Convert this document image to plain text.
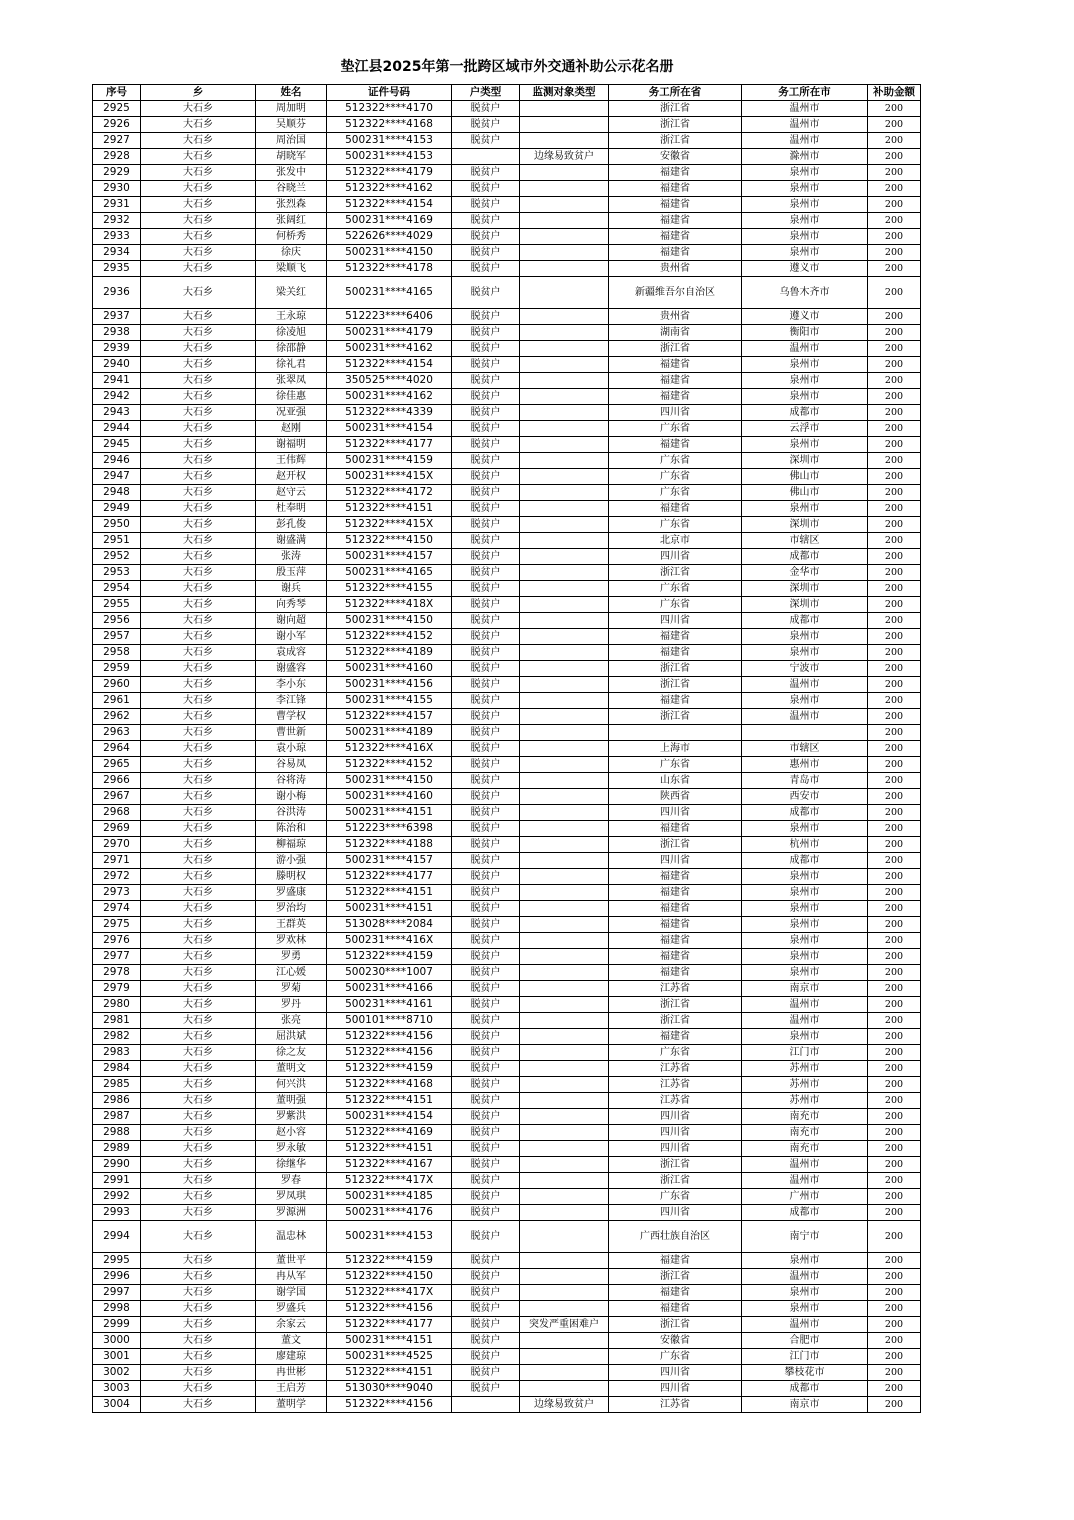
垫江县2025年第一批跨区域市外交通补助公示花名册
序号	乡	姓名	证件号码	户类型	监测对象类型	务工所在省	务工所在市	补助金额
2925	大石乡	周加明	512322****4170	脱贫户		浙江省	温州市	200
2926	大石乡	吴顺芬	512322****4168	脱贫户		浙江省	温州市	200
2927	大石乡	周治国	500231****4153	脱贫户		浙江省	温州市	200
2928	大石乡	胡晓军	500231****4153		边缘易致贫户	安徽省	滁州市	200
2929	大石乡	张发中	512322****4179	脱贫户		福建省	泉州市	200
2930	大石乡	谷晓兰	512322****4162	脱贫户		福建省	泉州市	200
2931	大石乡	张烈森	512322****4154	脱贫户		福建省	泉州市	200
2932	大石乡	张阔红	500231****4169	脱贫户		福建省	泉州市	200
2933	大石乡	何桥秀	522626****4029	脱贫户		福建省	泉州市	200
2934	大石乡	徐庆	500231****4150	脱贫户		福建省	泉州市	200
2935	大石乡	梁顺飞	512322****4178	脱贫户		贵州省	遵义市	200
2936	大石乡	梁关红	500231****4165	脱贫户		新疆维吾尔自治区	乌鲁木齐市	200
2937	大石乡	王永琼	512223****6406	脱贫户		贵州省	遵义市	200
2938	大石乡	徐凌旭	500231****4179	脱贫户		湖南省	衡阳市	200
2939	大石乡	徐邵静	500231****4162	脱贫户		浙江省	温州市	200
2940	大石乡	徐礼君	512322****4154	脱贫户		福建省	泉州市	200
2941	大石乡	张翠凤	350525****4020	脱贫户		福建省	泉州市	200
2942	大石乡	徐佳惠	500231****4162	脱贫户		福建省	泉州市	200
2943	大石乡	况亚强	512322****4339	脱贫户		四川省	成都市	200
2944	大石乡	赵刚	500231****4154	脱贫户		广东省	云浮市	200
2945	大石乡	谢福明	512322****4177	脱贫户		福建省	泉州市	200
2946	大石乡	王伟辉	500231****4159	脱贫户		广东省	深圳市	200
2947	大石乡	赵开权	500231****415X	脱贫户		广东省	佛山市	200
2948	大石乡	赵守云	512322****4172	脱贫户		广东省	佛山市	200
2949	大石乡	杜奉明	512322****4151	脱贫户		福建省	泉州市	200
2950	大石乡	彭孔俊	512322****415X	脱贫户		广东省	深圳市	200
2951	大石乡	谢盛满	512322****4150	脱贫户		北京市	市辖区	200
2952	大石乡	张涛	500231****4157	脱贫户		四川省	成都市	200
2953	大石乡	殷玉萍	500231****4165	脱贫户		浙江省	金华市	200
2954	大石乡	谢兵	512322****4155	脱贫户		广东省	深圳市	200
2955	大石乡	向秀琴	512322****418X	脱贫户		广东省	深圳市	200
2956	大石乡	谢向超	500231****4150	脱贫户		四川省	成都市	200
2957	大石乡	谢小军	512322****4152	脱贫户		福建省	泉州市	200
2958	大石乡	袁成容	512322****4189	脱贫户		福建省	泉州市	200
2959	大石乡	谢盛容	500231****4160	脱贫户		浙江省	宁波市	200
2960	大石乡	李小东	500231****4156	脱贫户		浙江省	温州市	200
2961	大石乡	李江锋	500231****4155	脱贫户		福建省	泉州市	200
2962	大石乡	曹学权	512322****4157	脱贫户		浙江省	温州市	200
2963	大石乡	曹世新	500231****4189	脱贫户				200
2964	大石乡	袁小琼	512322****416X	脱贫户		上海市	市辖区	200
2965	大石乡	谷易凤	512322****4152	脱贫户		广东省	惠州市	200
2966	大石乡	谷将涛	500231****4150	脱贫户		山东省	青岛市	200
2967	大石乡	谢小梅	500231****4160	脱贫户		陕西省	西安市	200
2968	大石乡	谷洪涛	500231****4151	脱贫户		四川省	成都市	200
2969	大石乡	陈治和	512223****6398	脱贫户		福建省	泉州市	200
2970	大石乡	柳福琼	512322****4188	脱贫户		浙江省	杭州市	200
2971	大石乡	游小强	500231****4157	脱贫户		四川省	成都市	200
2972	大石乡	滕明权	512322****4177	脱贫户		福建省	泉州市	200
2973	大石乡	罗盛康	512322****4151	脱贫户		福建省	泉州市	200
2974	大石乡	罗治均	500231****4151	脱贫户		福建省	泉州市	200
2975	大石乡	王群英	513028****2084	脱贫户		福建省	泉州市	200
2976	大石乡	罗欢林	500231****416X	脱贫户		福建省	泉州市	200
2977	大石乡	罗勇	512322****4159	脱贫户		福建省	泉州市	200
2978	大石乡	江心媛	500230****1007	脱贫户		福建省	泉州市	200
2979	大石乡	罗菊	500231****4166	脱贫户		江苏省	南京市	200
2980	大石乡	罗丹	500231****4161	脱贫户		浙江省	温州市	200
2981	大石乡	张亮	500101****8710	脱贫户		浙江省	温州市	200
2982	大石乡	屈洪斌	512322****4156	脱贫户		福建省	泉州市	200
2983	大石乡	徐之友	512322****4156	脱贫户		广东省	江门市	200
2984	大石乡	董明文	512322****4159	脱贫户		江苏省	苏州市	200
2985	大石乡	何兴洪	512322****4168	脱贫户		江苏省	苏州市	200
2986	大石乡	董明强	512322****4151	脱贫户		江苏省	苏州市	200
2987	大石乡	罗紫洪	500231****4154	脱贫户		四川省	南充市	200
2988	大石乡	赵小容	512322****4169	脱贫户		四川省	南充市	200
2989	大石乡	罗永敏	512322****4151	脱贫户		四川省	南充市	200
2990	大石乡	徐继华	512322****4167	脱贫户		浙江省	温州市	200
2991	大石乡	罗春	512322****417X	脱贫户		浙江省	温州市	200
2992	大石乡	罗凤琪	500231****4185	脱贫户		广东省	广州市	200
2993	大石乡	罗源洲	500231****4176	脱贫户		四川省	成都市	200
2994	大石乡	温忠林	500231****4153	脱贫户		广西壮族自治区	南宁市	200
2995	大石乡	董世平	512322****4159	脱贫户		福建省	泉州市	200
2996	大石乡	冉从军	512322****4150	脱贫户		浙江省	温州市	200
2997	大石乡	谢学国	512322****417X	脱贫户		福建省	泉州市	200
2998	大石乡	罗盛兵	512322****4156	脱贫户		福建省	泉州市	200
2999	大石乡	余家云	512322****4177	脱贫户	突发严重困难户	浙江省	温州市	200
3000	大石乡	董文	500231****4151	脱贫户		安徽省	合肥市	200
3001	大石乡	廖建琼	500231****4525	脱贫户		广东省	江门市	200
3002	大石乡	冉世彬	512322****4151	脱贫户		四川省	攀枝花市	200
3003	大石乡	王启芳	513030****9040	脱贫户		四川省	成都市	200
3004	大石乡	董明学	512322****4156		边缘易致贫户	江苏省	南京市	200
